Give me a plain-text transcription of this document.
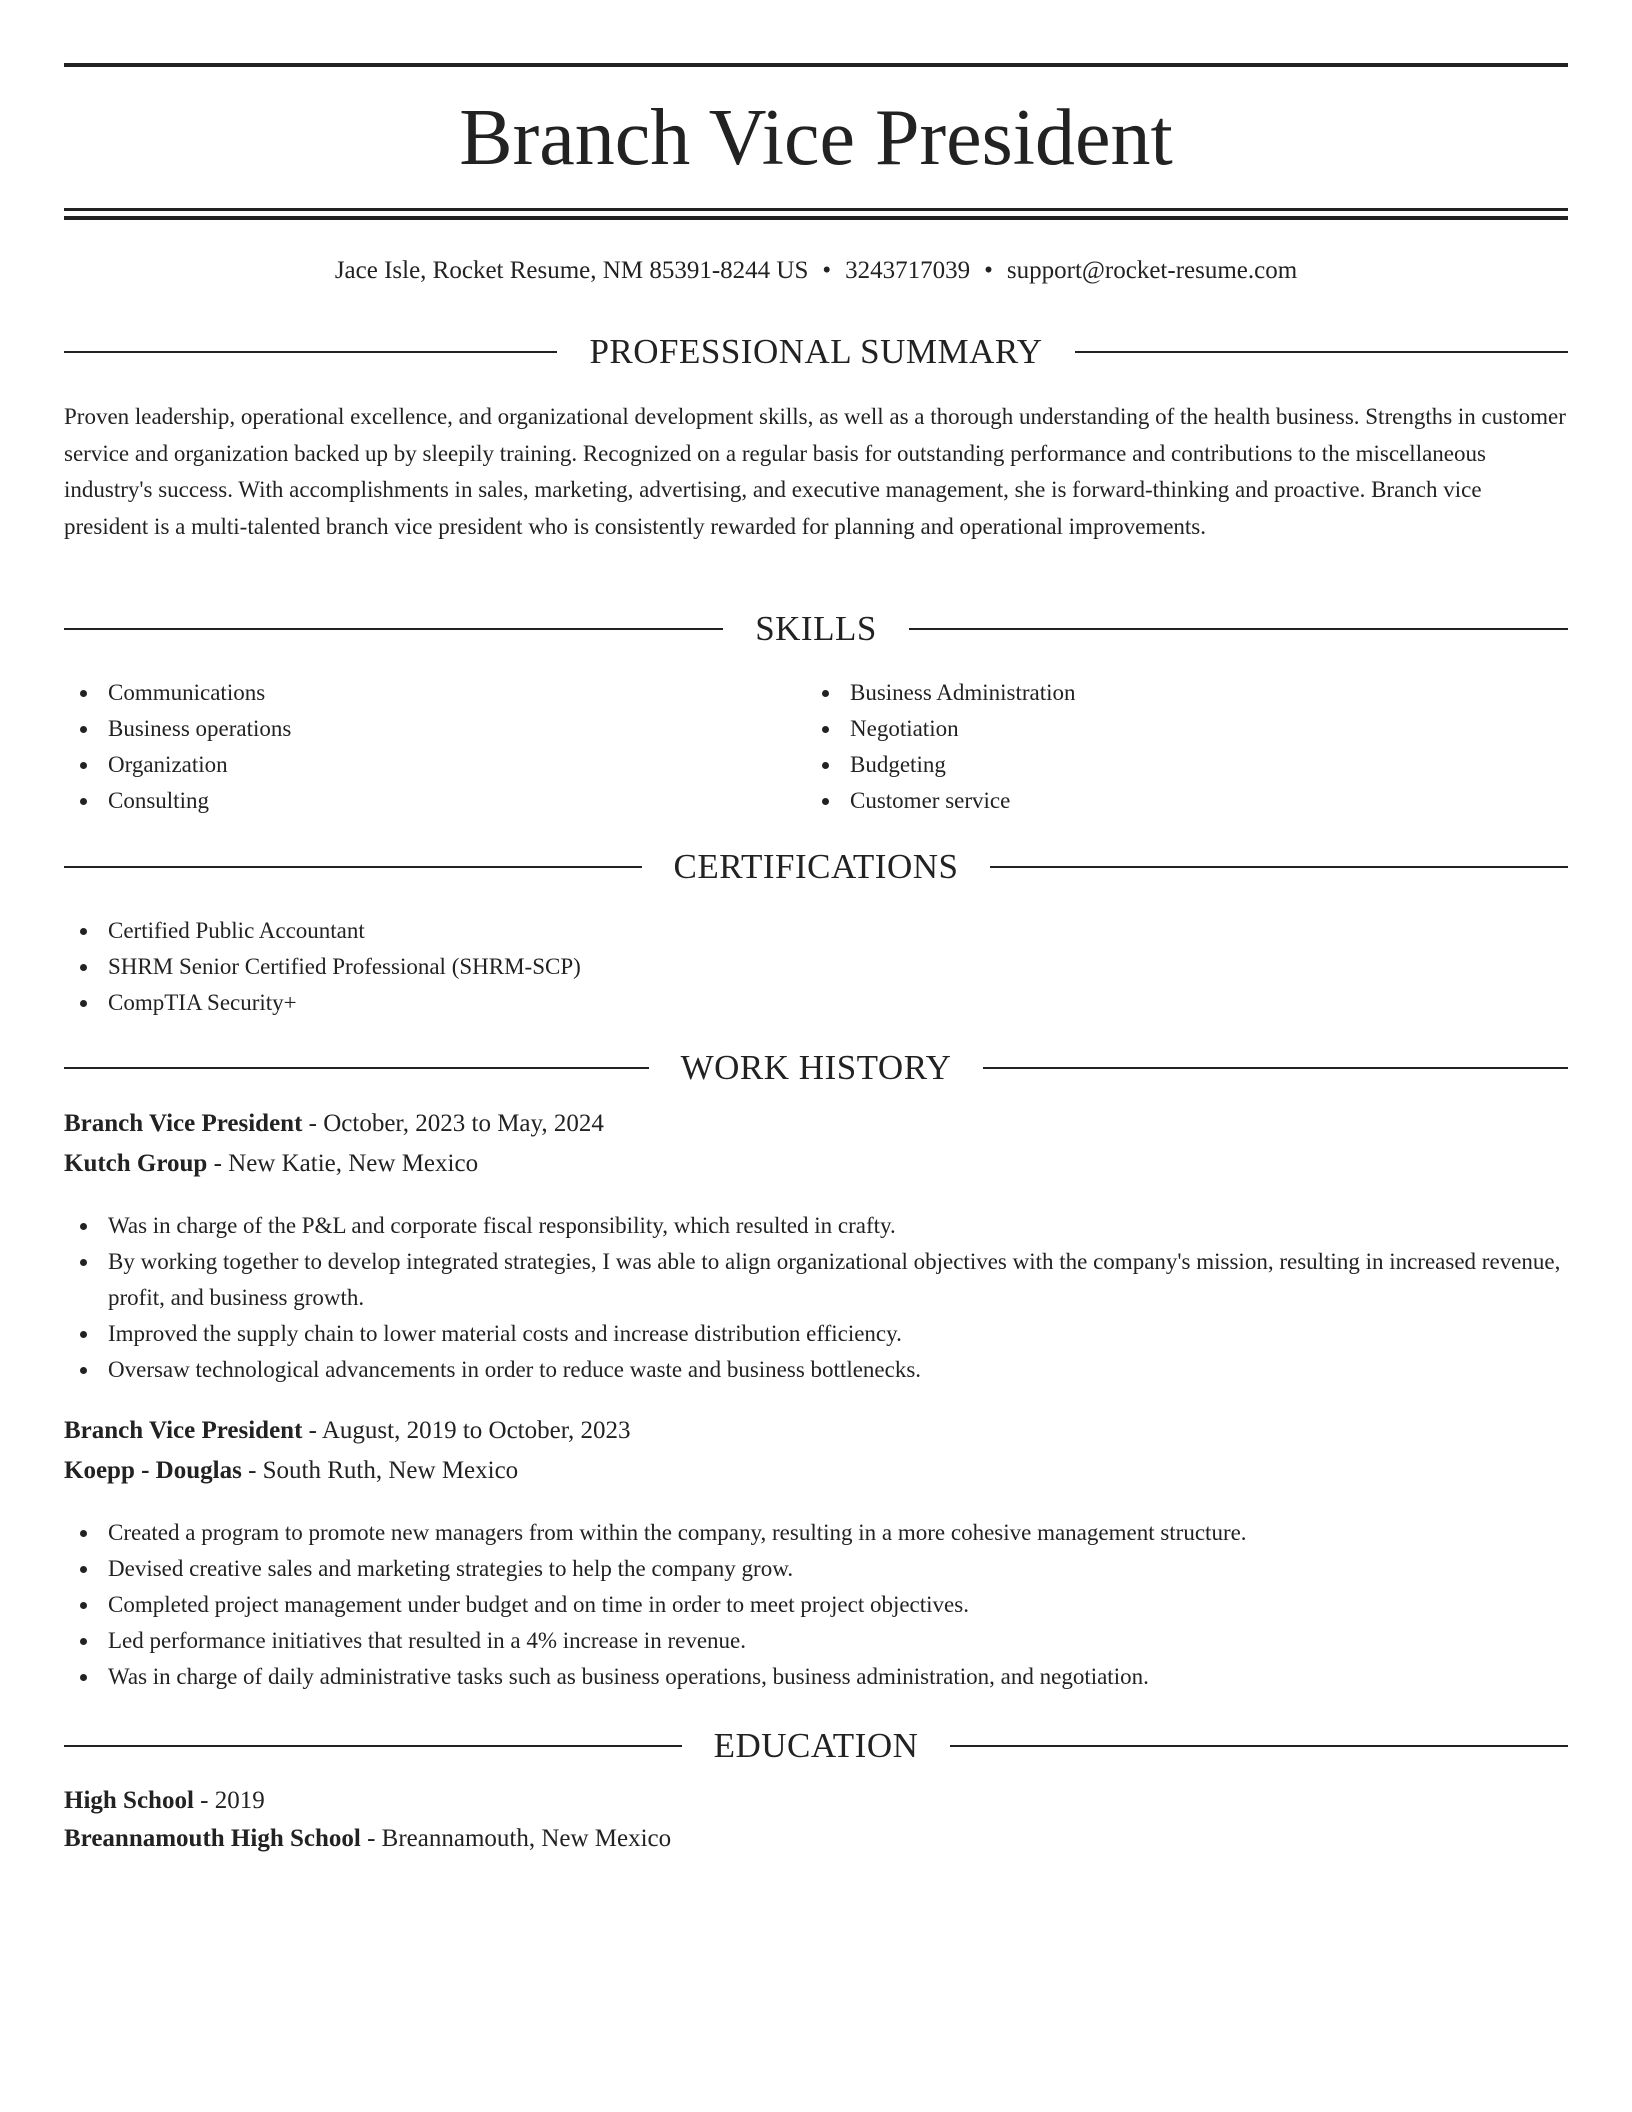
Branch Vice President
Jace Isle, Rocket Resume, NM 85391-8244 US • 3243717039 • support@rocket-resume.com
PROFESSIONAL SUMMARY
Proven leadership, operational excellence, and organizational development skills, as well as a thorough understanding of the health business. Strengths in customer service and organization backed up by sleepily training. Recognized on a regular basis for outstanding performance and contributions to the miscellaneous industry's success. With accomplishments in sales, marketing, advertising, and executive management, she is forward-thinking and proactive. Branch vice president is a multi-talented branch vice president who is consistently rewarded for planning and operational improvements.
SKILLS
Communications
Business operations
Organization
Consulting
Business Administration
Negotiation
Budgeting
Customer service
CERTIFICATIONS
Certified Public Accountant
SHRM Senior Certified Professional (SHRM-SCP)
CompTIA Security+
WORK HISTORY
Branch Vice President - October, 2023 to May, 2024
Kutch Group - New Katie, New Mexico
Was in charge of the P&L and corporate fiscal responsibility, which resulted in crafty.
By working together to develop integrated strategies, I was able to align organizational objectives with the company's mission, resulting in increased revenue, profit, and business growth.
Improved the supply chain to lower material costs and increase distribution efficiency.
Oversaw technological advancements in order to reduce waste and business bottlenecks.
Branch Vice President - August, 2019 to October, 2023
Koepp - Douglas - South Ruth, New Mexico
Created a program to promote new managers from within the company, resulting in a more cohesive management structure.
Devised creative sales and marketing strategies to help the company grow.
Completed project management under budget and on time in order to meet project objectives.
Led performance initiatives that resulted in a 4% increase in revenue.
Was in charge of daily administrative tasks such as business operations, business administration, and negotiation.
EDUCATION
High School - 2019
Breannamouth High School - Breannamouth, New Mexico
